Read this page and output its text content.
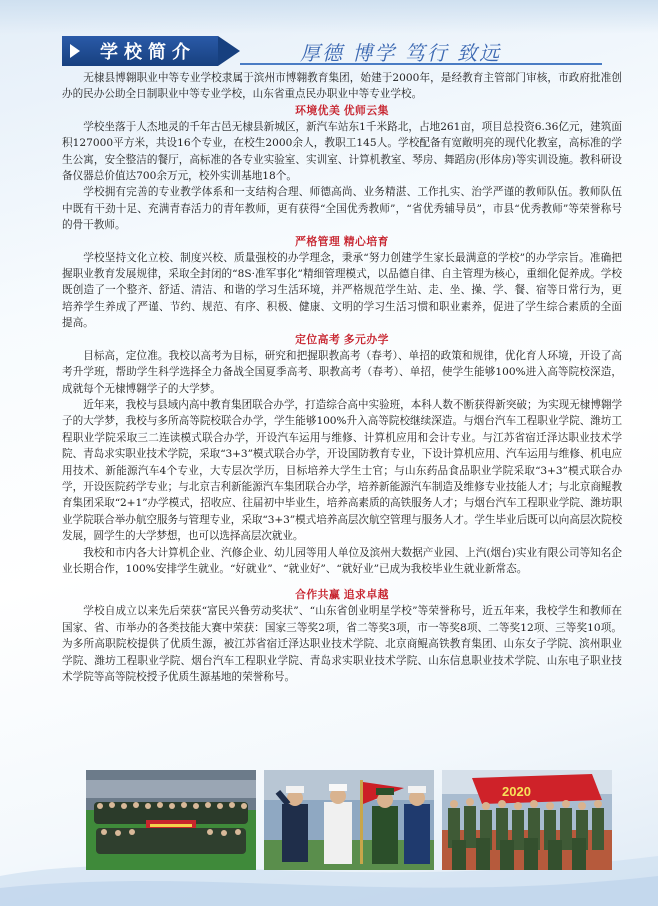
学校简介	厚德 博学 笃行 致远

无棣县博翱职业中等专业学校隶属于滨州市博翱教育集团，始建于2000年，是经教育主管部门审核，市政府批准创办的民办公助全日制职业中等专业学校，山东省重点民办职业中等专业学校。

环境优美 优师云集

学校坐落于人杰地灵的千年古邑无棣县新城区，新汽车站东1千米路北，占地261亩，项目总投资6.36亿元，建筑面积127000平方米，共设16个专业，在校生2000余人，教职工145人。学校配备有宽敞明亮的现代化教室，高标准的学生公寓，安全整洁的餐厅，高标准的各专业实验室、实训室、计算机教室、琴房、舞蹈房(形体房)等实训设施。教科研设备仪器总价值达700余万元，校外实训基地18个。

学校拥有完善的专业教学体系和一支结构合理、师德高尚、业务精湛、工作扎实、治学严谨的教师队伍。教师队伍中既有干劲十足、充满青春活力的青年教师，更有获得“全国优秀教师”，“省优秀辅导员”，市县“优秀教师”等荣誉称号的骨干教师。

严格管理 精心培育

学校坚持文化立校、制度兴校、质量强校的办学理念，秉承“努力创建学生家长最满意的学校”的办学宗旨。准确把握职业教育发展规律，采取全封闭的“8S·准军事化”精细管理模式，以品德自律、自主管理为核心，重细化促养成。学校既创造了一个整齐、舒适、清洁、和谐的学习生活环境，并严格规范学生站、走、坐、操、学、餐、宿等日常行为，更培养学生养成了严谨、节约、规范、有序、积极、健康、文明的学习生活习惯和职业素养，促进了学生综合素质的全面提高。

定位高考 多元办学

目标高，定位准。我校以高考为目标，研究和把握职教高考（春考）、单招的政策和规律，优化育人环境，开设了高考升学班，帮助学生科学选择全力备战全国夏季高考、职教高考（春考）、单招，使学生能够100%进入高等院校深造，成就每个无棣博翱学子的大学梦。

近年来，我校与县域内高中教育集团联合办学，打造综合高中实验班，本科人数不断获得新突破；为实现无棣博翱学子的大学梦，我校与多所高等院校联合办学，学生能够100%升入高等院校继续深造。与烟台汽车工程职业学院、潍坊工程职业学院采取三二连读模式联合办学，开设汽车运用与维修、计算机应用和会计专业。与江苏省宿迁泽达职业技术学院、青岛求实职业技术学院，采取“3+3”模式联合办学，开设国防教育专业，下设计算机应用、汽车运用与维修、机电应用技术、新能源汽车4个专业，大专层次学历，目标培养大学生士官；与山东药品食品职业学院采取“3+3”模式联合办学，开设医院药学专业；与北京吉利新能源汽车集团联合办学，培养新能源汽车制造及维修专业技能人才；与北京商鲲教育集团采取“2+1”办学模式，招收应、往届初中毕业生，培养高素质的高铁服务人才；与烟台汽车工程职业学院、潍坊职业学院联合举办航空服务与管理专业，采取“3+3”模式培养高层次航空管理与服务人才。学生毕业后既可以向高层次院校发展，圆学生的大学梦想，也可以选择高层次就业。

我校和市内各大计算机企业、汽修企业、幼儿园等用人单位及滨州大数据产业园、上汽(烟台)实业有限公司等知名企业长期合作，100%安排学生就业。“好就业”、“就业好”、“就好业”已成为我校毕业生就业新常态。

合作共赢 追求卓越

学校自成立以来先后荣获“富民兴鲁劳动奖状”、“山东省创业明星学校”等荣誉称号，近五年来，我校学生和教师在国家、省、市举办的各类技能大赛中荣获：国家三等奖2项，省二等奖3项，市一等奖8项、二等奖12项、三等奖10项。为多所高职院校提供了优质生源，被江苏省宿迁泽达职业技术学院、北京商鲲高铁教育集团、山东女子学院、滨州职业学院、潍坊工程职业学院、烟台汽车工程职业学院、青岛求实职业技术学院、山东信息职业技术学院、山东电子职业技术学院等高等院校授予优质生源基地的荣誉称号。

2020
